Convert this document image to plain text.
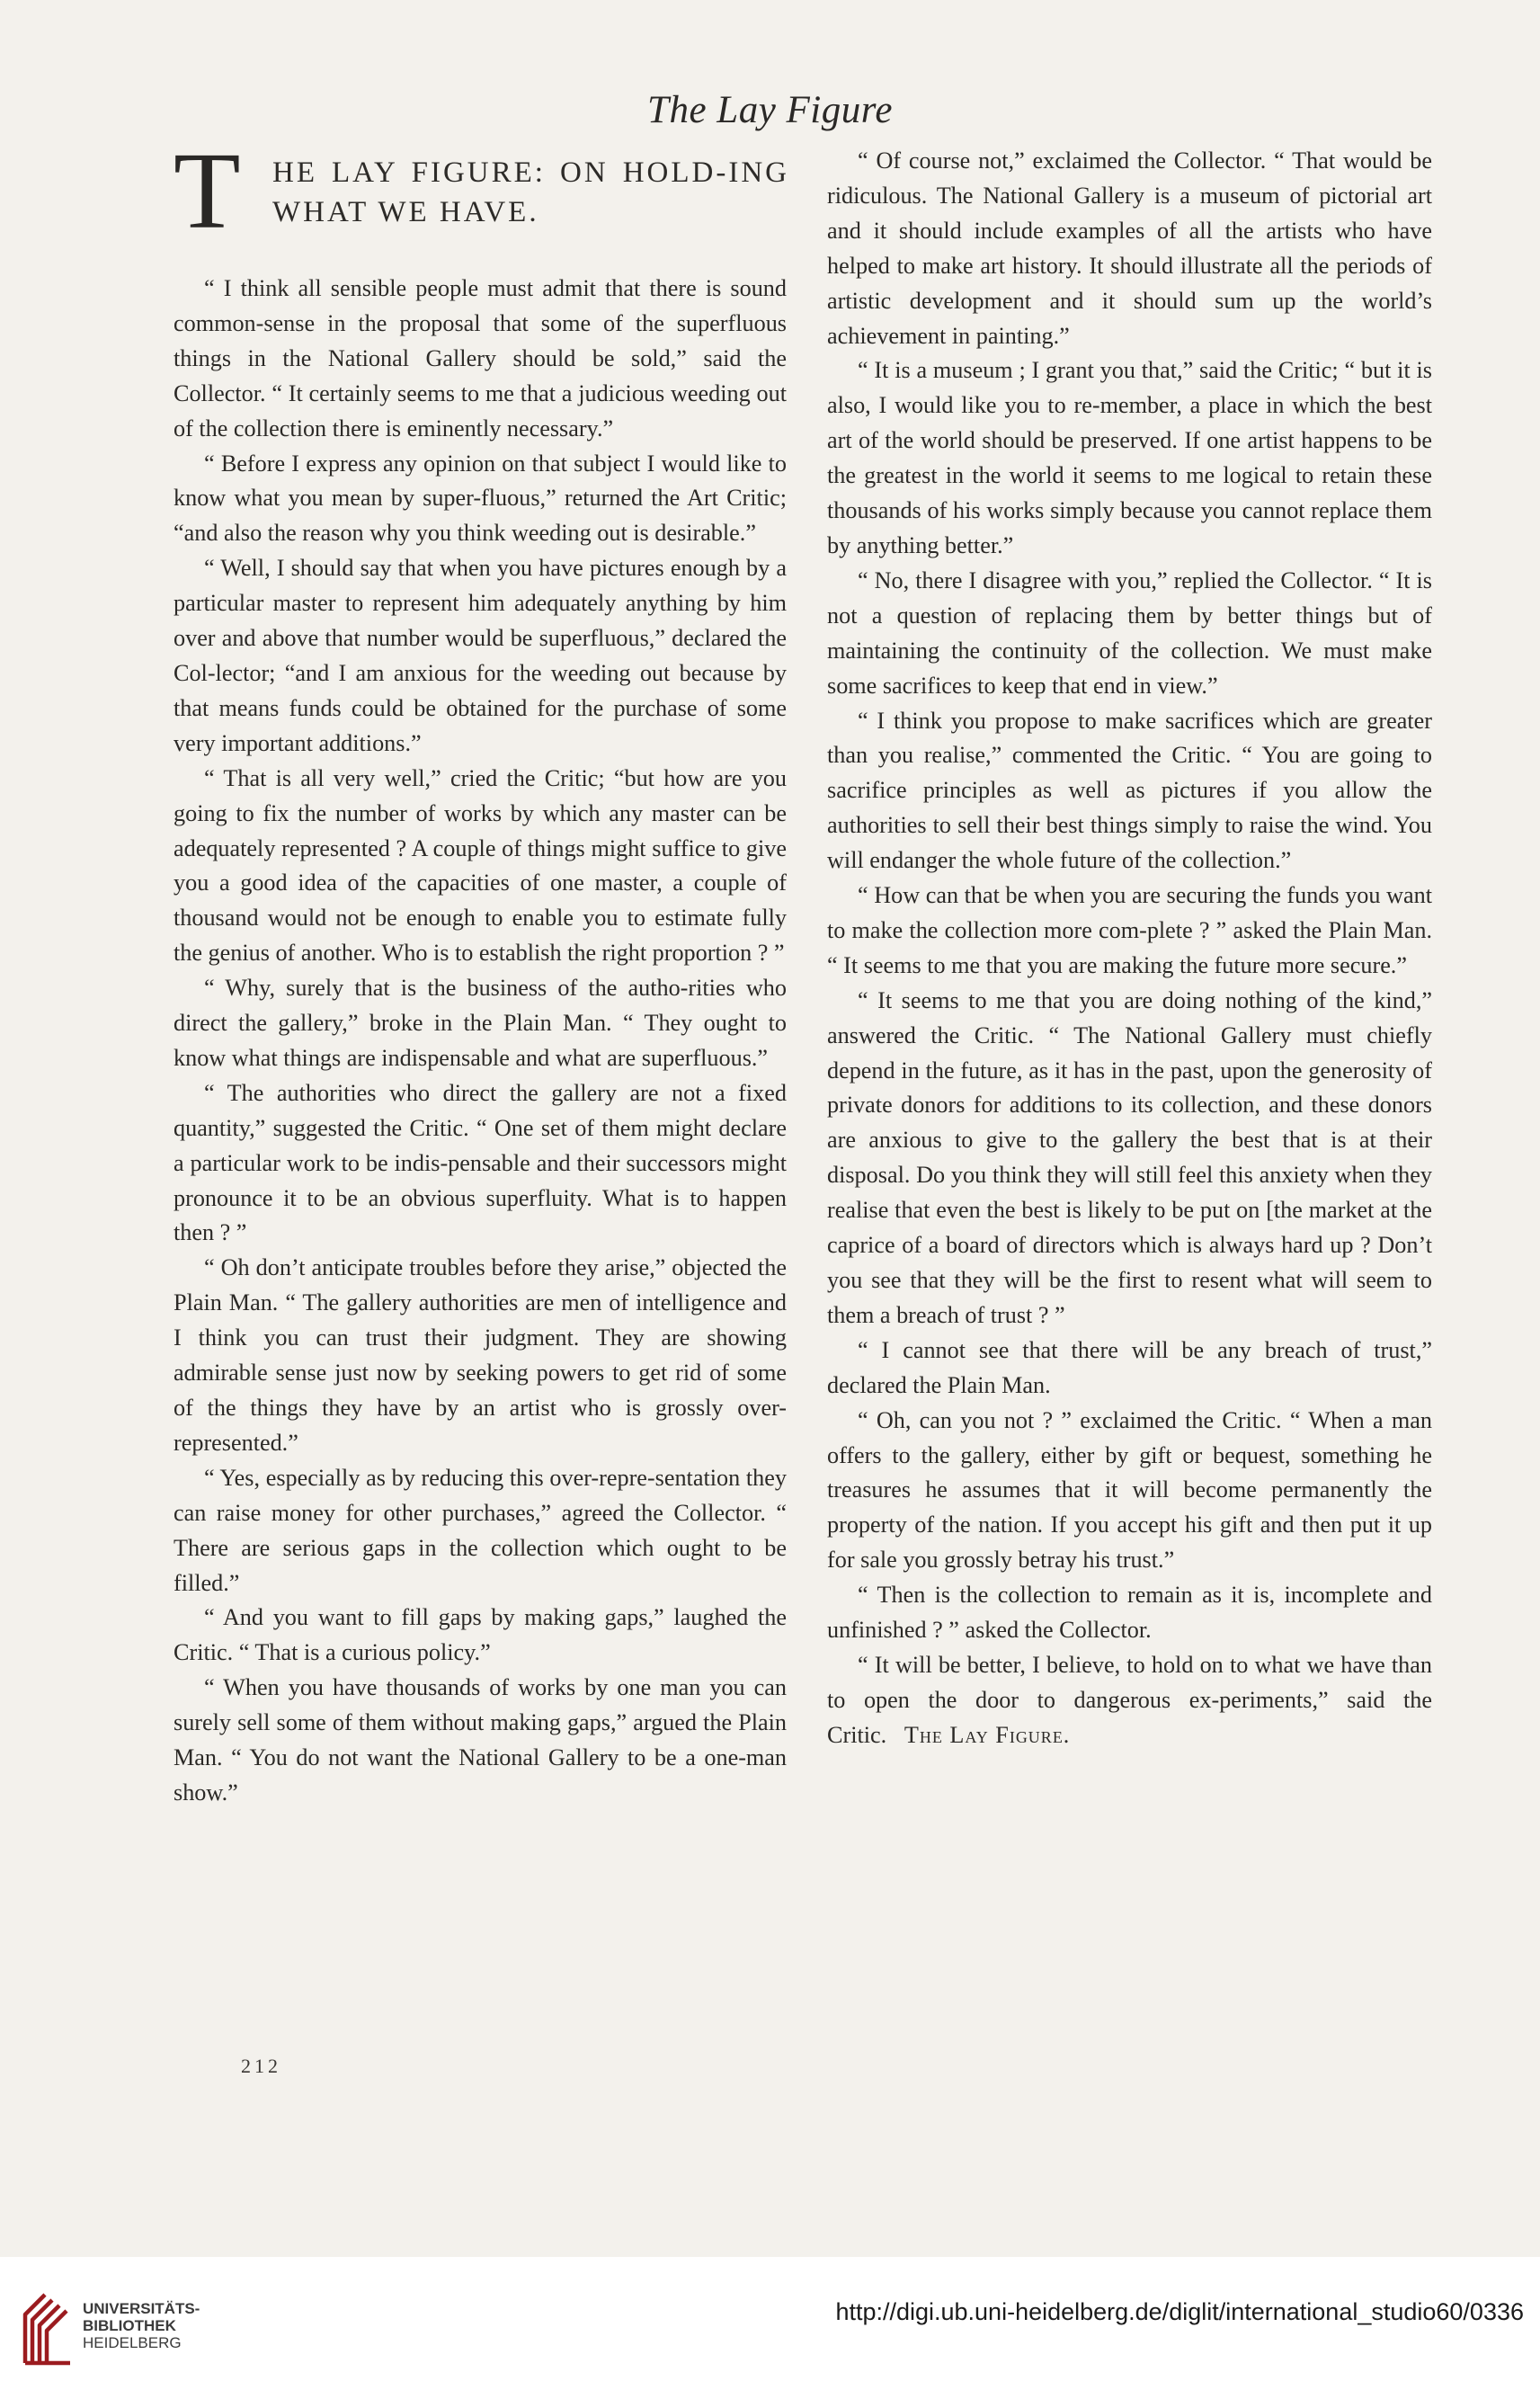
The Lay Figure
T HE LAY FIGURE: ON HOLD-ING WHAT WE HAVE.

“ I think all sensible people must admit that there is sound common-sense in the proposal that some of the superfluous things in the National Gallery should be sold,” said the Collector. “ It certainly seems to me that a judicious weeding out of the collection there is eminently necessary.”

“ Before I express any opinion on that subject I would like to know what you mean by super-fluous,” returned the Art Critic; “and also the reason why you think weeding out is desirable.”

“ Well, I should say that when you have pictures enough by a particular master to represent him adequately anything by him over and above that number would be superfluous,” declared the Col-lector; “and I am anxious for the weeding out because by that means funds could be obtained for the purchase of some very important additions.”

“ That is all very well,” cried the Critic; “but how are you going to fix the number of works by which any master can be adequately represented ? A couple of things might suffice to give you a good idea of the capacities of one master, a couple of thousand would not be enough to enable you to estimate fully the genius of another. Who is to establish the right proportion ? ”

“ Why, surely that is the business of the autho-rities who direct the gallery,” broke in the Plain Man. “ They ought to know what things are indispensable and what are superfluous.”

“ The authorities who direct the gallery are not a fixed quantity,” suggested the Critic. “ One set of them might declare a particular work to be indis-pensable and their successors might pronounce it to be an obvious superfluity. What is to happen then ? ”

“ Oh don’t anticipate troubles before they arise,” objected the Plain Man. “ The gallery authorities are men of intelligence and I think you can trust their judgment. They are showing admirable sense just now by seeking powers to get rid of some of the things they have by an artist who is grossly over-represented.”

“ Yes, especially as by reducing this over-repre-sentation they can raise money for other purchases,” agreed the Collector. “ There are serious gaps in the collection which ought to be filled.”

“ And you want to fill gaps by making gaps,” laughed the Critic. “ That is a curious policy.”

“ When you have thousands of works by one man you can surely sell some of them without making gaps,” argued the Plain Man. “ You do not want the National Gallery to be a one-man show.”

“ Of course not,” exclaimed the Collector. “ That would be ridiculous. The National Gallery is a museum of pictorial art and it should include examples of all the artists who have helped to make art history. It should illustrate all the periods of artistic development and it should sum up the world’s achievement in painting.”

“ It is a museum ; I grant you that,” said the Critic; “ but it is also, I would like you to re-member, a place in which the best art of the world should be preserved. If one artist happens to be the greatest in the world it seems to me logical to retain these thousands of his works simply because you cannot replace them by anything better.”

“ No, there I disagree with you,” replied the Collector. “ It is not a question of replacing them by better things but of maintaining the continuity of the collection. We must make some sacrifices to keep that end in view.”

“ I think you propose to make sacrifices which are greater than you realise,” commented the Critic. “ You are going to sacrifice principles as well as pictures if you allow the authorities to sell their best things simply to raise the wind. You will endanger the whole future of the collection.”

“ How can that be when you are securing the funds you want to make the collection more com-plete ? ” asked the Plain Man. “ It seems to me that you are making the future more secure.”

“ It seems to me that you are doing nothing of the kind,” answered the Critic. “ The National Gallery must chiefly depend in the future, as it has in the past, upon the generosity of private donors for additions to its collection, and these donors are anxious to give to the gallery the best that is at their disposal. Do you think they will still feel this anxiety when they realise that even the best is likely to be put on [the market at the caprice of a board of directors which is always hard up ? Don’t you see that they will be the first to resent what will seem to them a breach of trust ? ”

“ I cannot see that there will be any breach of trust,” declared the Plain Man.

“ Oh, can you not ? ” exclaimed the Critic. “ When a man offers to the gallery, either by gift or bequest, something he treasures he assumes that it will become permanently the property of the nation. If you accept his gift and then put it up for sale you grossly betray his trust.”

“ Then is the collection to remain as it is, incomplete and unfinished ? ” asked the Collector.

“ It will be better, I believe, to hold on to what we have than to open the door to dangerous ex-periments,” said the Critic. The Lay Figure.

212
UNIVERSITÄTS-
BIBLIOTHEK
HEIDELBERG
http://digi.ub.uni-heidelberg.de/diglit/international_studio60/0336
